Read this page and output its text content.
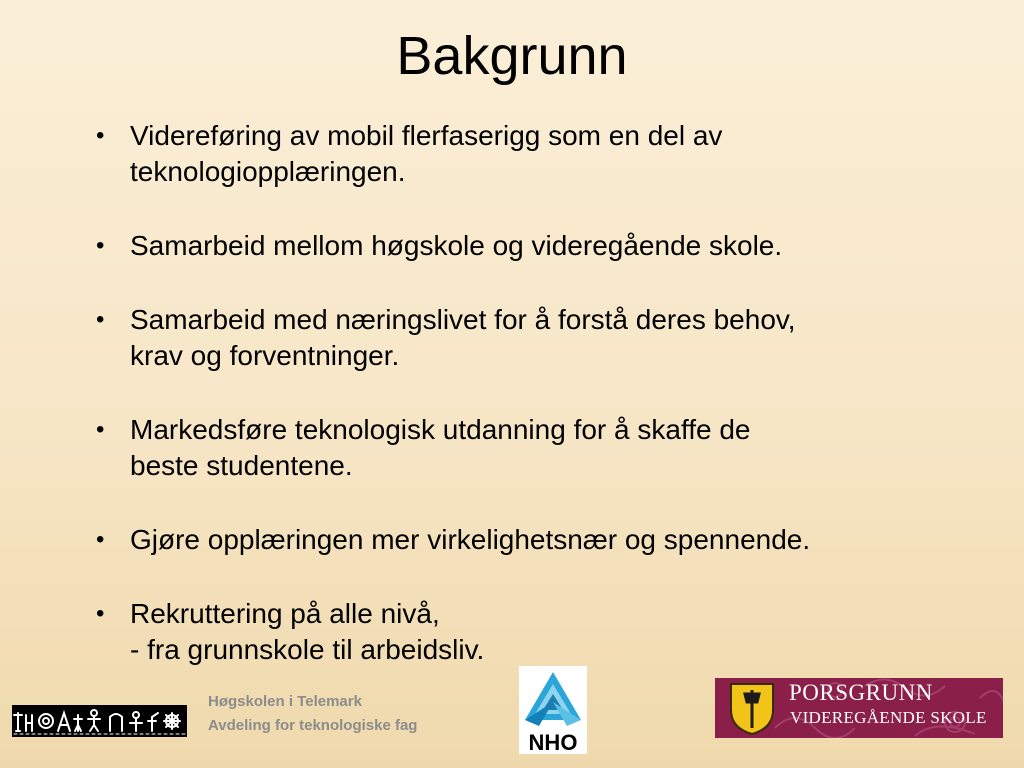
Bakgrunn
• Videreføring av mobil flerfaserigg som en del av
teknologiopplæringen.
• Samarbeid mellom høgskole og videregående skole.
• Samarbeid med næringslivet for å forstå deres behov,
krav og forventninger.
• Markedsføre teknologisk utdanning for å skaffe de
beste studentene.
• Gjøre opplæringen mer virkelighetsnær og spennende.
• Rekruttering på alle nivå,
- fra grunnskole til arbeidsliv.
Høgskolen i Telemark
Avdeling for teknologiske fag
NHO
PORSGRUNN
VIDEREGÅENDE SKOLE
